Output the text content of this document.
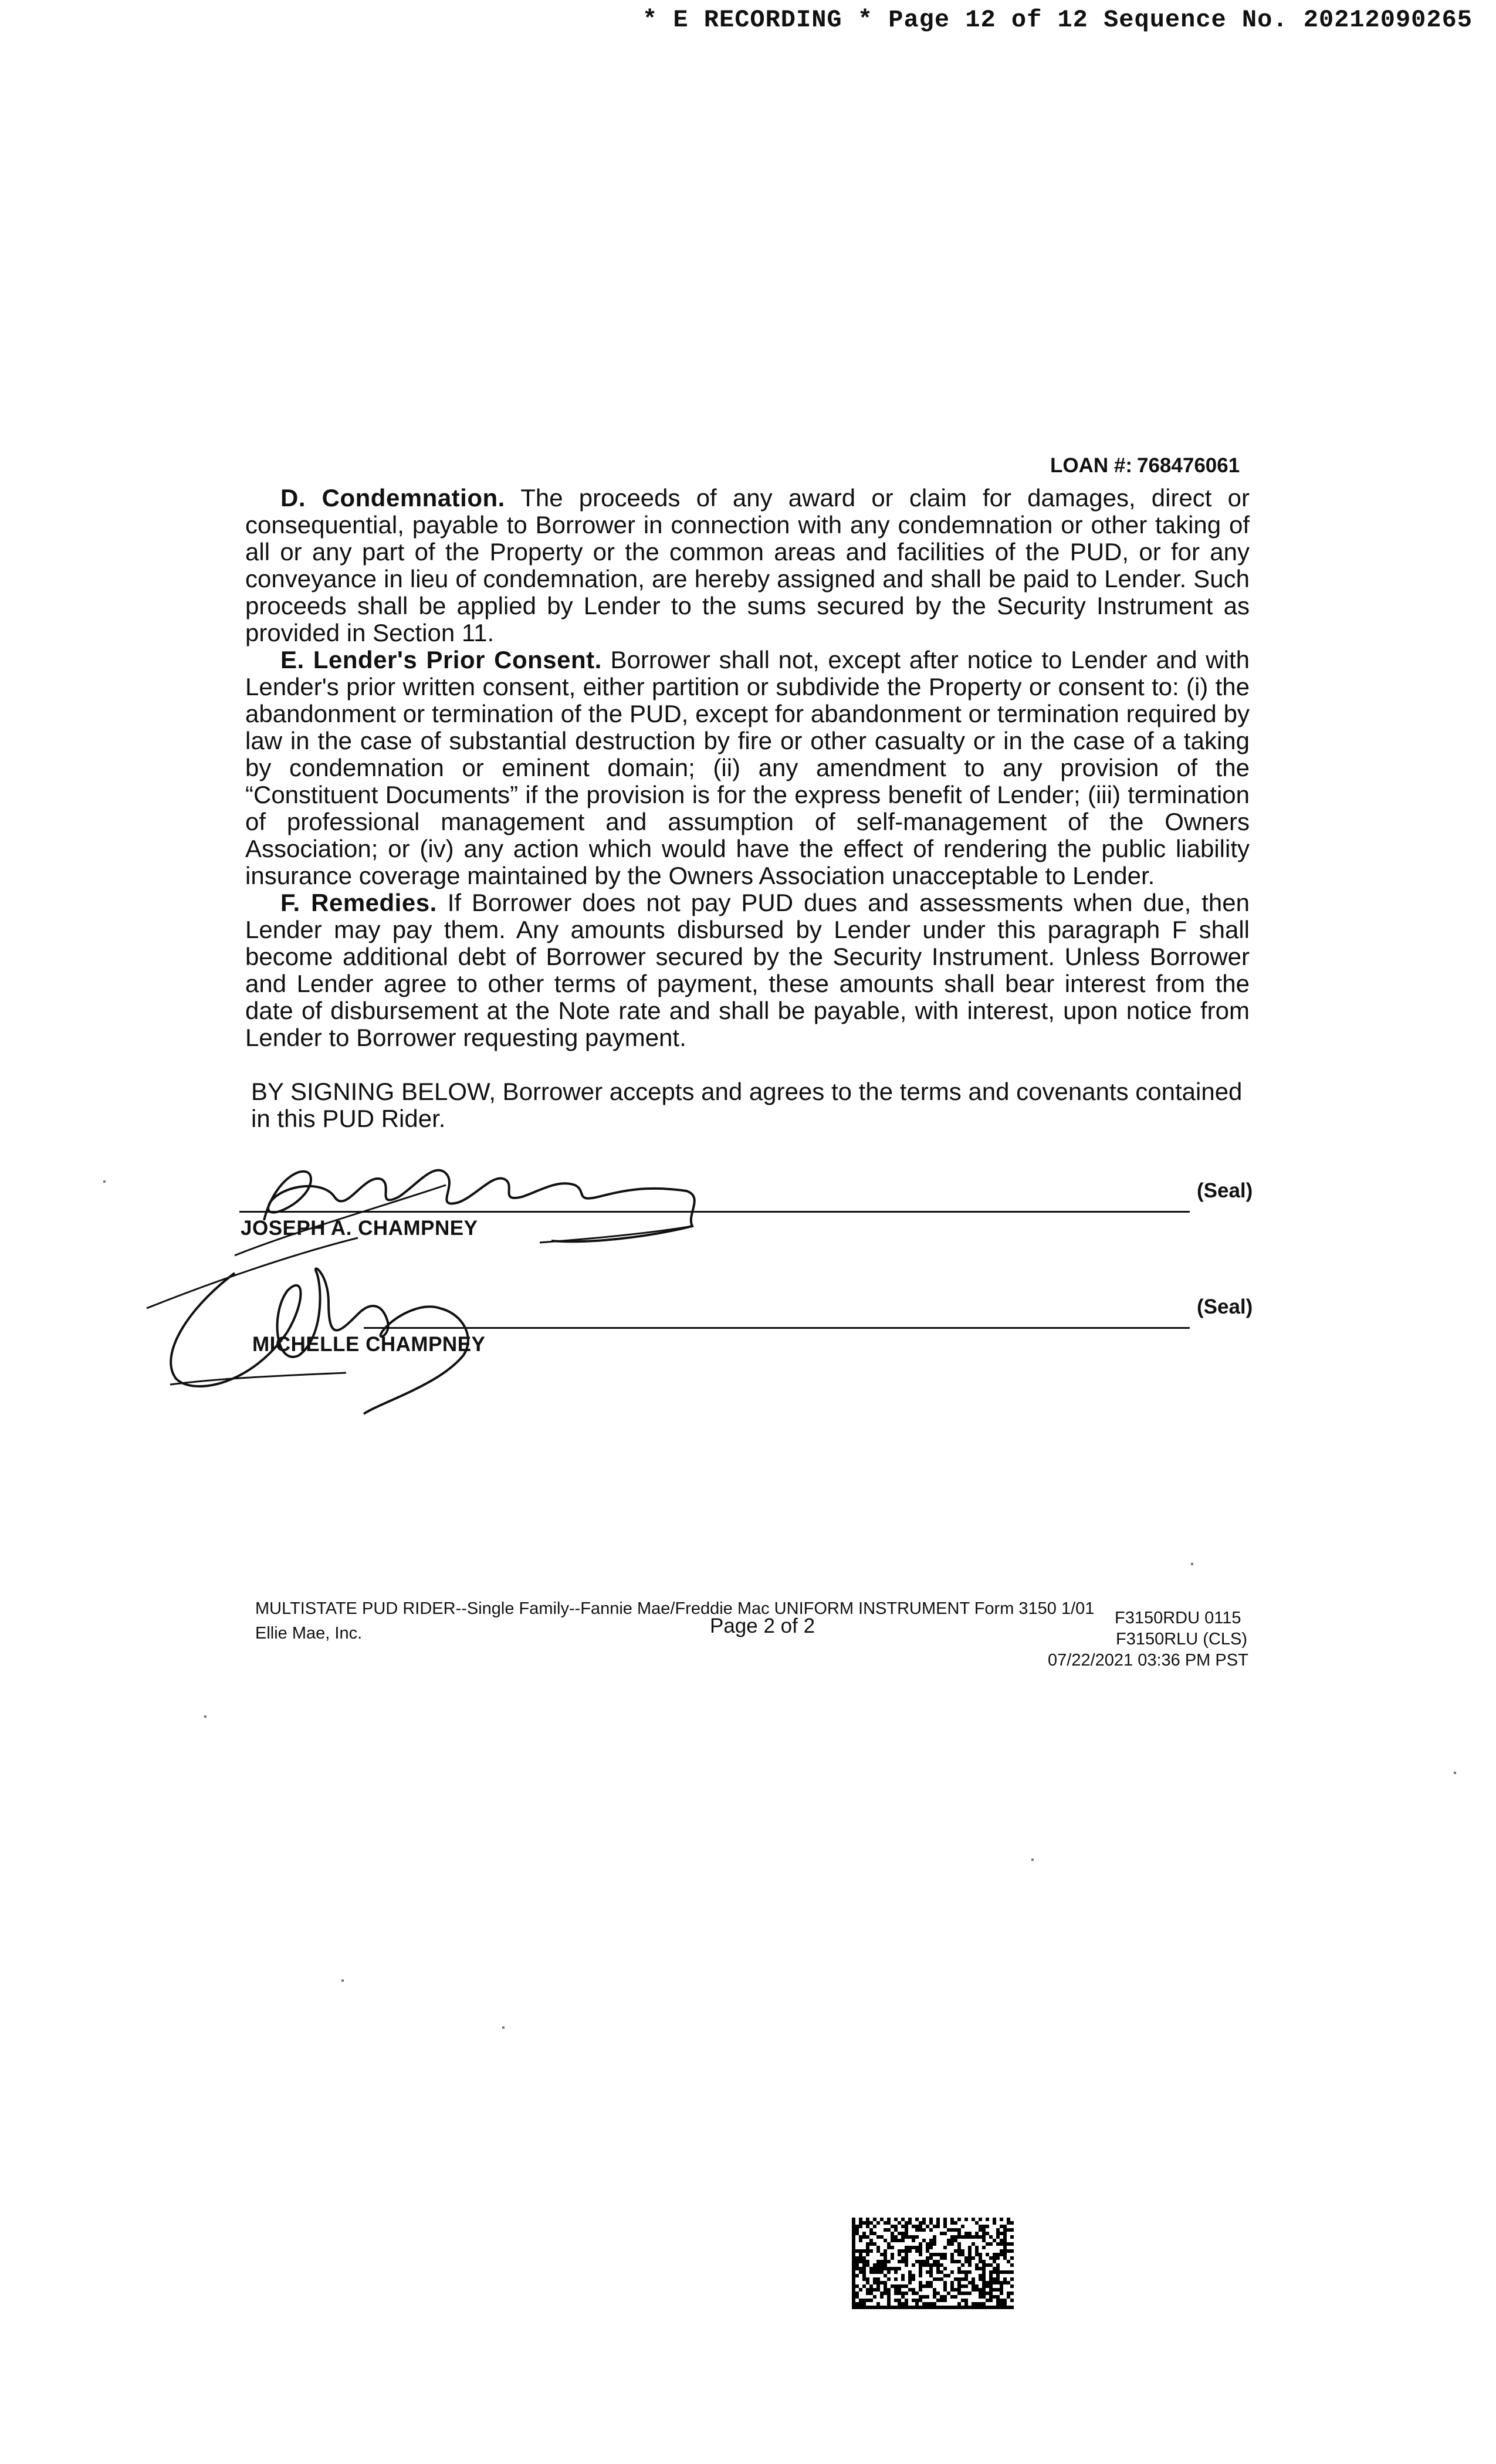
* E RECORDING * Page 12 of 12 Sequence No. 20212090265
LOAN #: 768476061

D. Condemnation. The proceeds of any award or claim for damages, direct or consequential, payable to Borrower in connection with any condemnation or other taking of all or any part of the Property or the common areas and facilities of the PUD, or for any conveyance in lieu of condemnation, are hereby assigned and shall be paid to Lender. Such proceeds shall be applied by Lender to the sums secured by the Security Instrument as provided in Section 11.

E. Lender's Prior Consent. Borrower shall not, except after notice to Lender and with Lender's prior written consent, either partition or subdivide the Property or consent to: (i) the abandonment or termination of the PUD, except for abandonment or termination required by law in the case of substantial destruction by fire or other casualty or in the case of a taking by condemnation or eminent domain; (ii) any amendment to any provision of the “Constituent Documents” if the provision is for the express benefit of Lender; (iii) termination of professional management and assumption of self-management of the Owners Association; or (iv) any action which would have the effect of rendering the public liability insurance coverage maintained by the Owners Association unacceptable to Lender.

F. Remedies. If Borrower does not pay PUD dues and assessments when due, then Lender may pay them. Any amounts disbursed by Lender under this paragraph F shall become additional debt of Borrower secured by the Security Instrument. Unless Borrower and Lender agree to other terms of payment, these amounts shall bear interest from the date of disbursement at the Note rate and shall be payable, with interest, upon notice from Lender to Borrower requesting payment.

BY SIGNING BELOW, Borrower accepts and agrees to the terms and covenants contained in this PUD Rider.
(Seal)
JOSEPH A. CHAMPNEY
(Seal)
MICHELLE CHAMPNEY
MULTISTATE PUD RIDER--Single Family--Fannie Mae/Freddie Mac UNIFORM INSTRUMENT Form 3150 1/01
Ellie Mae, Inc.	Page 2 of 2	F3150RDU 0115
F3150RLU (CLS)
07/22/2021 03:36 PM PST
